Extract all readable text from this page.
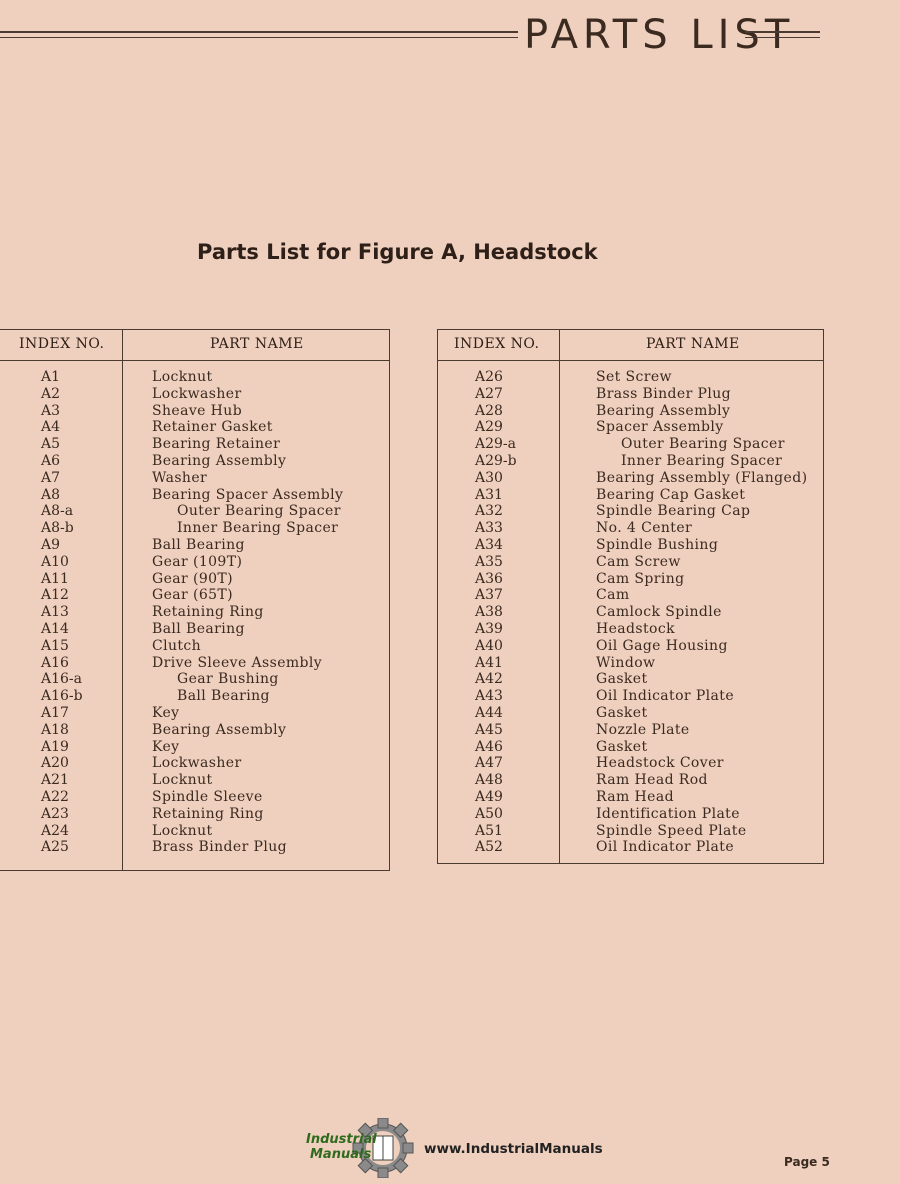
PARTS LIST
Parts List for Figure A, Headstock
INDEX NO.	PART NAME
A1	Locknut
A2	Lockwasher
A3	Sheave Hub
A4	Retainer Gasket
A5	Bearing Retainer
A6	Bearing Assembly
A7	Washer
A8	Bearing Spacer Assembly
A8-a	Outer Bearing Spacer
A8-b	Inner Bearing Spacer
A9	Ball Bearing
A10	Gear (109T)
A11	Gear (90T)
A12	Gear (65T)
A13	Retaining Ring
A14	Ball Bearing
A15	Clutch
A16	Drive Sleeve Assembly
A16-a	Gear Bushing
A16-b	Ball Bearing
A17	Key
A18	Bearing Assembly
A19	Key
A20	Lockwasher
A21	Locknut
A22	Spindle Sleeve
A23	Retaining Ring
A24	Locknut
A25	Brass Binder Plug
INDEX NO.	PART NAME
A26	Set Screw
A27	Brass Binder Plug
A28	Bearing Assembly
A29	Spacer Assembly
A29-a	Outer Bearing Spacer
A29-b	Inner Bearing Spacer
A30	Bearing Assembly (Flanged)
A31	Bearing Cap Gasket
A32	Spindle Bearing Cap
A33	No. 4 Center
A34	Spindle Bushing
A35	Cam Screw
A36	Cam Spring
A37	Cam
A38	Camlock Spindle
A39	Headstock
A40	Oil Gage Housing
A41	Window
A42	Gasket
A43	Oil Indicator Plate
A44	Gasket
A45	Nozzle Plate
A46	Gasket
A47	Headstock Cover
A48	Ram Head Rod
A49	Ram Head
A50	Identification Plate
A51	Spindle Speed Plate
A52	Oil Indicator Plate
Industrial
Manuals	www.IndustrialManuals
Page 5
